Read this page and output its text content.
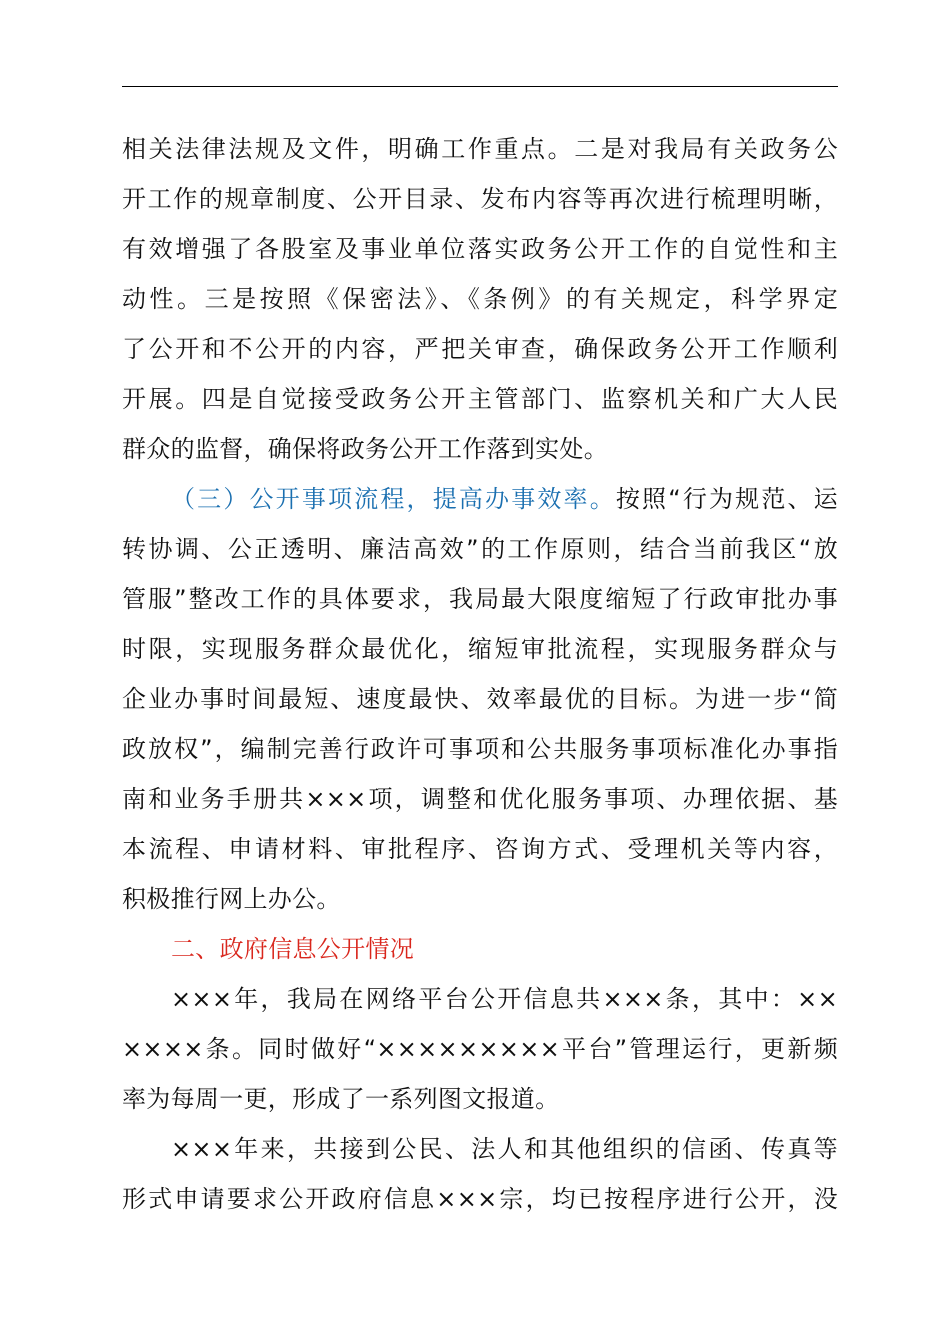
相关法律法规及文件，明确工作重点。二是对我局有关政务公
开工作的规章制度、公开目录、发布内容等再次进行梳理明晰，
有效增强了各股室及事业单位落实政务公开工作的自觉性和主
动性。三是按照《保密法》、《条例》的有关规定，科学界定
了公开和不公开的内容，严把关审查，确保政务公开工作顺利
开展。四是自觉接受政务公开主管部门、监察机关和广大人民
群众的监督，确保将政务公开工作落到实处。
（三）公开事项流程，提高办事效率。按照“行为规范、运
转协调、公正透明、廉洁高效”的工作原则，结合当前我区“放
管服”整改工作的具体要求，我局最大限度缩短了行政审批办事
时限，实现服务群众最优化，缩短审批流程，实现服务群众与
企业办事时间最短、速度最快、效率最优的目标。为进一步“简
政放权”，编制完善行政许可事项和公共服务事项标准化办事指
南和业务手册共×××项，调整和优化服务事项、办理依据、基
本流程、申请材料、审批程序、咨询方式、受理机关等内容，
积极推行网上办公。
二、政府信息公开情况
×××年，我局在网络平台公开信息共×××条，其中：××
××××条。同时做好“×××××××××平台”管理运行，更新频
率为每周一更，形成了一系列图文报道。
×××年来，共接到公民、法人和其他组织的信函、传真等
形式申请要求公开政府信息×××宗，均已按程序进行公开，没
